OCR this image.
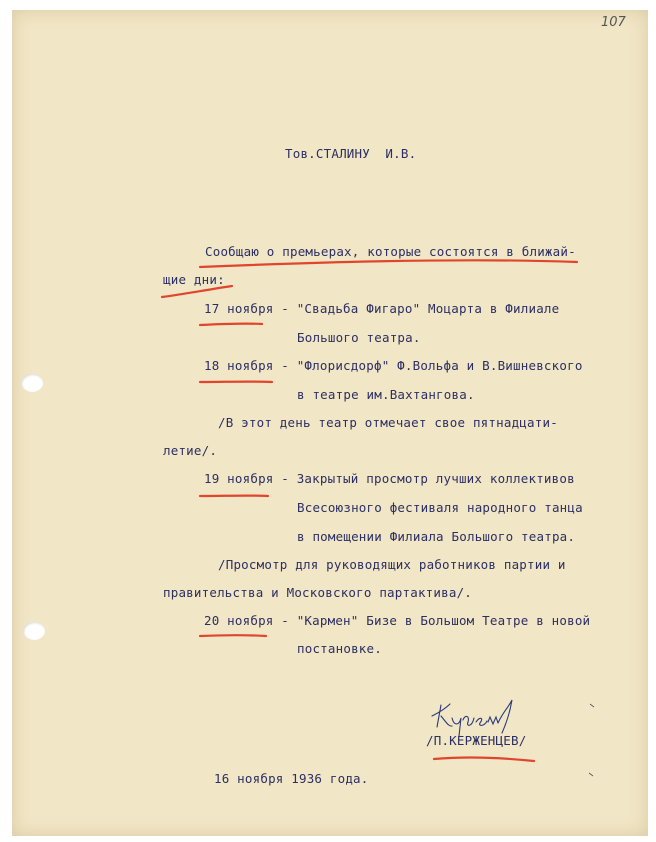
107
Тов.СТАЛИНУ  И.В.
Сообщаю о премьерах, которые состоятся в ближай-
щие дни:
17 ноября - "Свадьба Фигаро" Моцарта в Филиале
Большого театра.
18 ноября - "Флорисдорф" Ф.Вольфа и В.Вишневского
в театре им.Вахтангова.
/В этот день театр отмечает свое пятнадцати-
летие/.
19 ноября - Закрытый просмотр лучших коллективов
Всесоюзного фестиваля народного танца
в помещении Филиала Большого театра.
/Просмотр для руководящих работников партии и
правительства и Московского партактива/.
20 ноября - "Кармен" Бизе в Большом Театре в новой
постановке.
/П.КЕРЖЕНЦЕВ/
16 ноября 1936 года.
